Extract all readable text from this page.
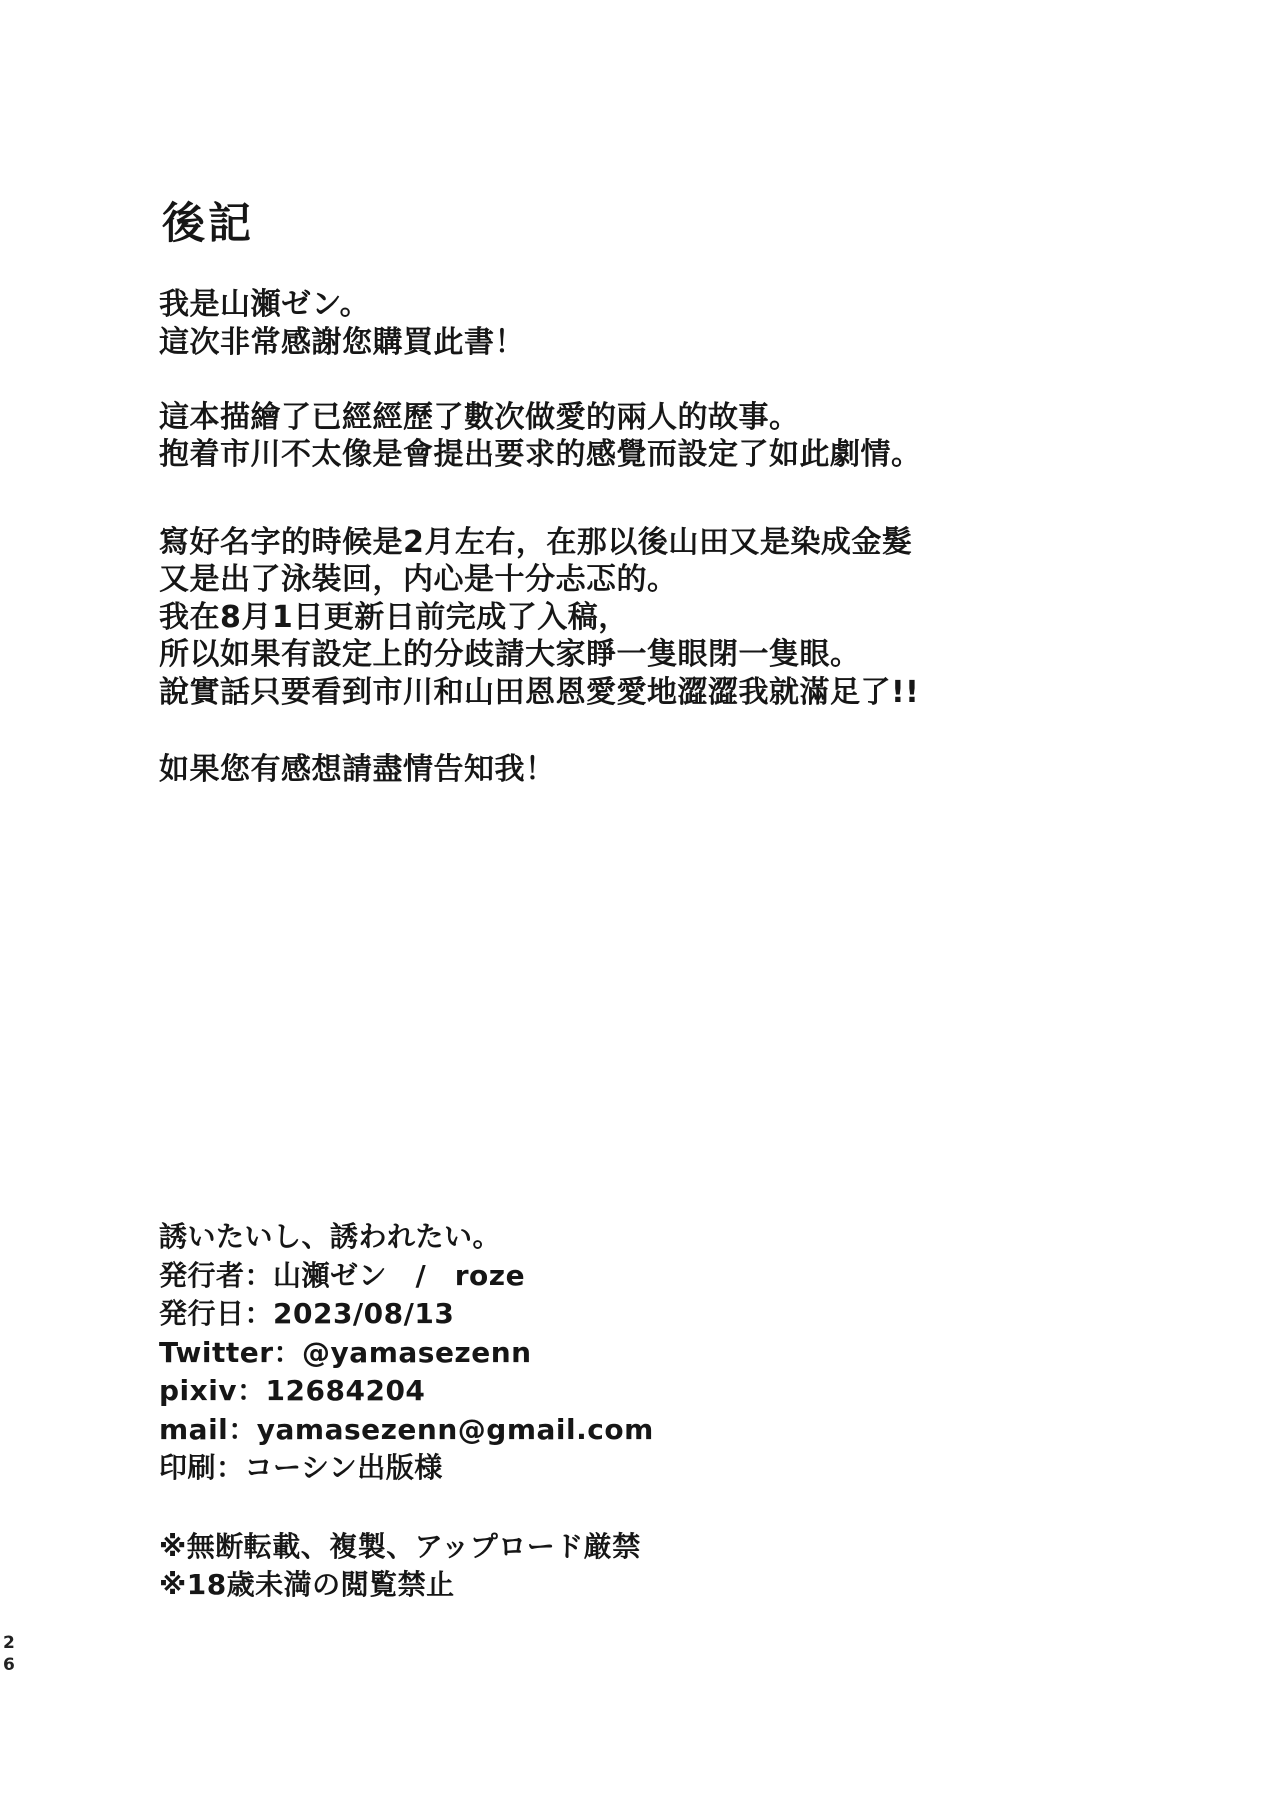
後記

我是山瀬ゼン。
這次非常感謝您購買此書！

這本描繪了已經經歷了數次做愛的兩人的故事。
抱着市川不太像是會提出要求的感覺而設定了如此劇情。

寫好名字的時候是2月左右，在那以後山田又是染成金髮
又是出了泳裝回，内心是十分忐忑的。
我在8月1日更新日前完成了入稿，
所以如果有設定上的分歧請大家睜一隻眼閉一隻眼。
說實話只要看到市川和山田恩恩愛愛地澀澀我就滿足了!!

如果您有感想請盡情告知我！

誘いたいし、誘われたい。
発行者：山瀬ゼン　/　roze
発行日：2023/08/13
Twitter：@yamasezenn
pixiv：12684204
mail：yamasezenn@gmail.com
印刷：コーシン出版様
※無断転載、複製、アップロード厳禁
※18歳未満の閲覧禁止
26
